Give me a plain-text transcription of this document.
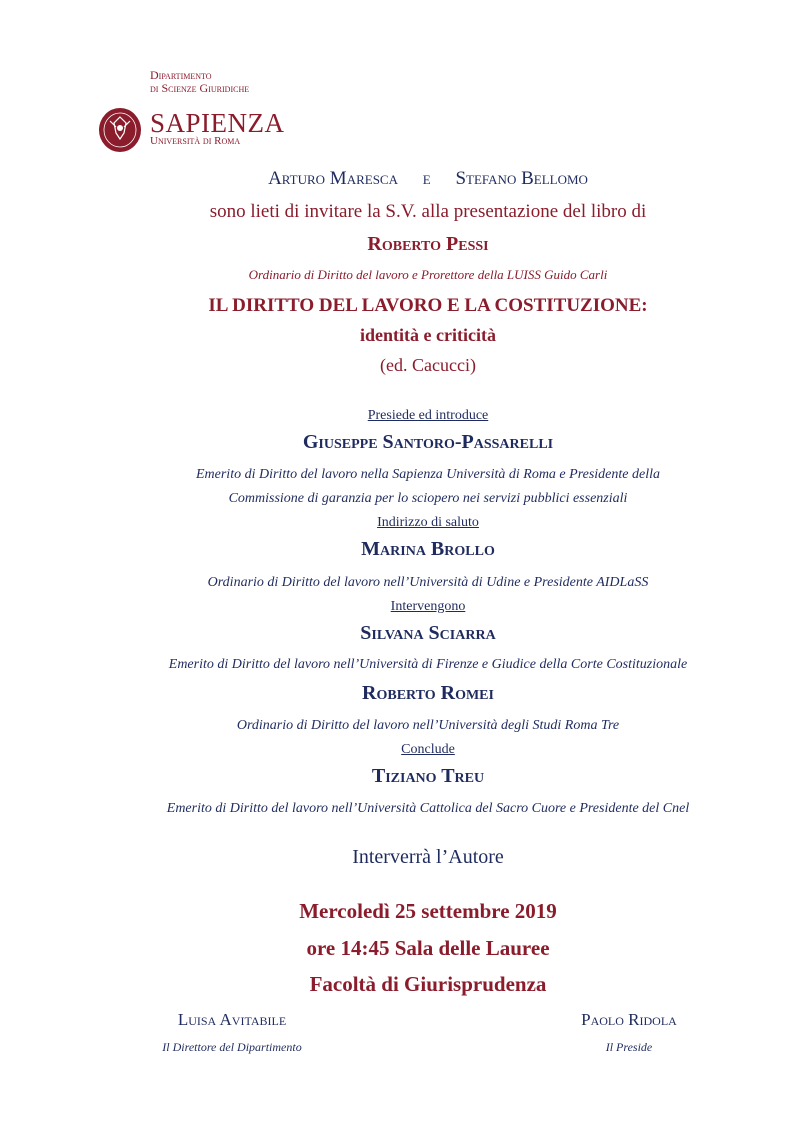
Dipartimento
di Scienze Giuridiche
SAPIENZA
Università di Roma
Arturo Maresca e Stefano Bellomo
sono lieti di invitare la S.V. alla presentazione del libro di
Roberto Pessi
Ordinario di Diritto del lavoro e Prorettore della LUISS Guido Carli
IL DIRITTO DEL LAVORO E LA COSTITUZIONE:
identità e criticità
(ed. Cacucci)
Presiede ed introduce
Giuseppe Santoro-Passarelli
Emerito di Diritto del lavoro nella Sapienza Università di Roma e Presidente della
Commissione di garanzia per lo sciopero nei servizi pubblici essenziali
Indirizzo di saluto
Marina Brollo
Ordinario di Diritto del lavoro nell’Università di Udine e Presidente AIDLaSS
Intervengono
Silvana Sciarra
Emerito di Diritto del lavoro nell’Università di Firenze e Giudice della Corte Costituzionale
Roberto Romei
Ordinario di Diritto del lavoro nell’Università degli Studi Roma Tre
Conclude
Tiziano Treu
Emerito di Diritto del lavoro nell’Università Cattolica del Sacro Cuore e Presidente del Cnel
Interverrà l’Autore
Mercoledì 25 settembre 2019
ore 14:45 Sala delle Lauree
Facoltà di Giurisprudenza
Luisa Avitabile
Il Direttore del Dipartimento
Paolo Ridola
Il Preside
